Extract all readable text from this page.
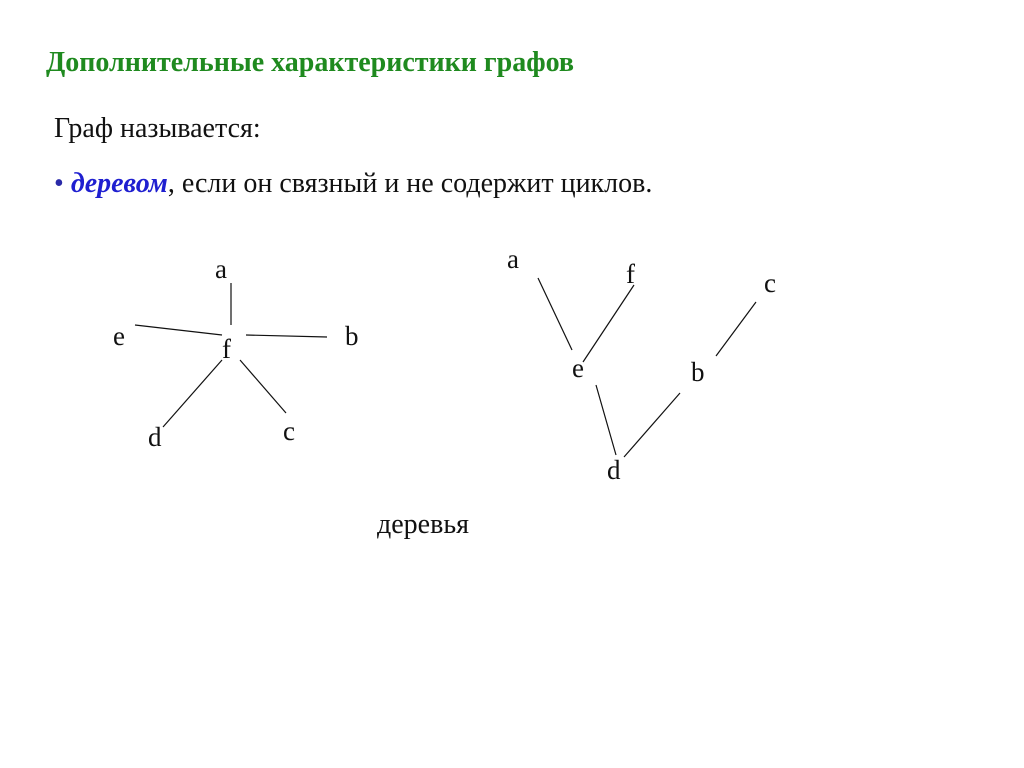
Дополнительные характеристики графов
Граф называется:
• деревом, если он связный и не содержит циклов.
a
b
c
d
e	f
a	f	c
e	b
d
деревья
